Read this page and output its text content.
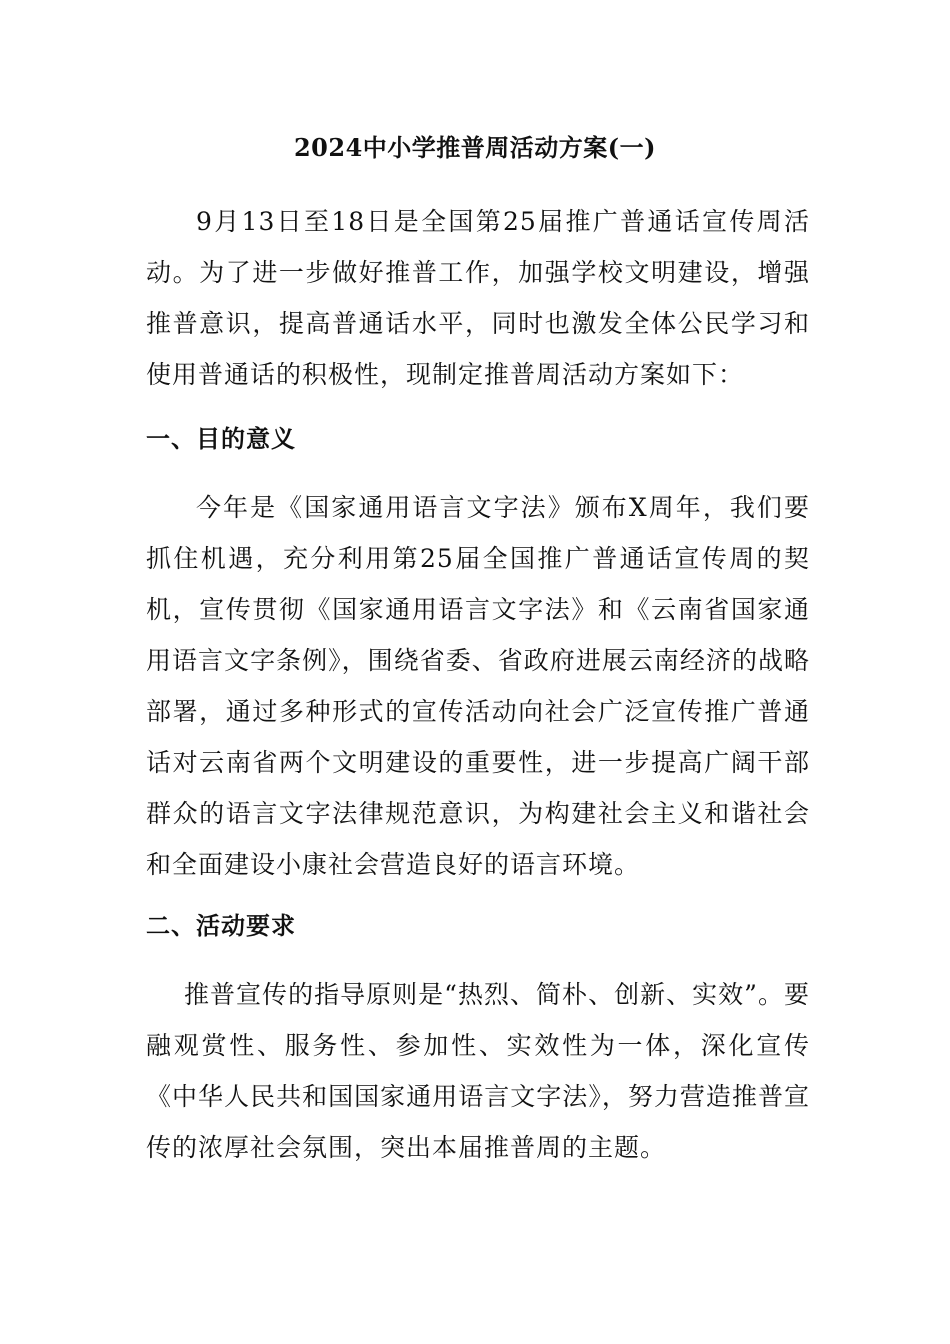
2024中小学推普周活动方案(一)

9月13日至18日是全国第25届推广普通话宣传周活动。为了进一步做好推普工作，加强学校文明建设，增强推普意识，提高普通话水平，同时也激发全体公民学习和使用普通话的积极性，现制定推普周活动方案如下：

一、目的意义

今年是《国家通用语言文字法》颁布X周年，我们要抓住机遇，充分利用第25届全国推广普通话宣传周的契机，宣传贯彻《国家通用语言文字法》和《云南省国家通用语言文字条例》，围绕省委、省政府进展云南经济的战略部署，通过多种形式的宣传活动向社会广泛宣传推广普通话对云南省两个文明建设的重要性，进一步提高广阔干部群众的语言文字法律规范意识，为构建社会主义和谐社会和全面建设小康社会营造良好的语言环境。

二、活动要求

推普宣传的指导原则是“热烈、简朴、创新、实效”。要融观赏性、服务性、参加性、实效性为一体，深化宣传《中华人民共和国国家通用语言文字法》，努力营造推普宣传的浓厚社会氛围，突出本届推普周的主题。
